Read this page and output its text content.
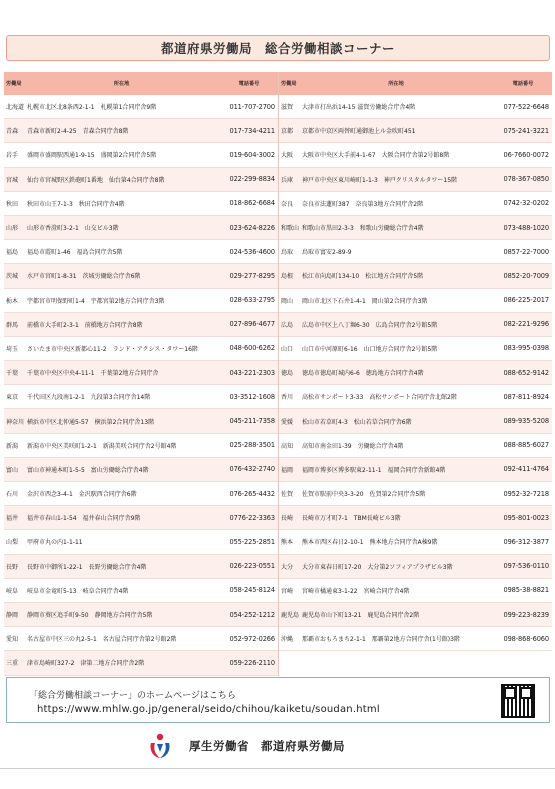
都道府県労働局　総合労働相談コーナー
労働局	所在地	電話番号
北海道 札幌市北区北8条西2-1-1　札幌第1合同庁舎9階	011-707-2700
青森	青森市新町2-4-25　青森合同庁舎8階	017-734-4211
岩手	盛岡市盛岡駅西通1-9-15　盛岡第2合同庁舎5階	019-604-3002
宮城	仙台市宮城野区鉄砲町1番地　仙台第4合同庁舎8階	022-299-8834
秋田	秋田市山王7-1-3　秋田合同庁舎4階	018-862-6684
山形	山形市香澄町3-2-1　山交ビル3階	023-624-8226
福島	福島市霞町1-46　福島合同庁舎5階	024-536-4600
茨城	水戸市宮町1-8-31　茨城労働総合庁舎6階	029-277-8295
栃木	宇都宮市明保野町1-4　宇都宮第2地方合同庁舎3階	028-633-2795
群馬	前橋市大手町2-3-1　前橋地方合同庁舎8階	027-896-4677
埼玉	さいたま市中央区新都心11-2　ランド・アクシス・タワー16階	048-600-6262
千葉	千葉市中央区中央4-11-1　千葉第2地方合同庁舎	043-221-2303
東京	千代田区九段南1-2-1　九段第3合同庁舎14階	03-3512-1608
神奈川 横浜市中区北仲通5-57　横浜第2合同庁舎13階	045-211-7358
新潟	新潟市中央区美咲町1-2-1　新潟美咲合同庁舎2号館4階	025-288-3501
富山	富山市神通本町1-5-5　富山労働総合庁舎4階	076-432-2740
石川	金沢市西念3-4-1　金沢駅西合同庁舎6階	076-265-4432
福井	福井市春山1-1-54　福井春山合同庁舎9階	0776-22-3363
山梨	甲府市丸の内1-1-11	055-225-2851
長野	長野市中御所1-22-1　長野労働総合庁舎4階	026-223-0551
岐阜	岐阜市金竜町5-13　岐阜合同庁舎4階	058-245-8124
静岡	静岡市葵区追手町9-50　静岡地方合同庁舎5階	054-252-1212
愛知	名古屋市中区三の丸2-5-1　名古屋合同庁舎第2号館2階	052-972-0266
三重	津市島崎町327-2　津第二地方合同庁舎2階	059-226-2110
労働局	所在地	電話番号
滋賀	大津市打出浜14-15 滋賀労働総合庁舎4階	077-522-6648
京都	京都市中京区両替町通御池上ル金吹町451	075-241-3221
大阪	大阪市中央区大手前4-1-67　大阪合同庁舎第2号館8階	06-7660-0072
兵庫	神戸市中央区東川崎町1-1-3　神戸クリスタルタワー15階	078-367-0850
奈良	奈良市法蓮町387　奈良第3地方合同庁舎2階	0742-32-0202
和歌山 和歌山市黒田2-3-3　和歌山労働総合庁舎4階	073-488-1020
鳥取	鳥取市富安2-89-9	0857-22-7000
島根	松江市向島町134-10　松江地方合同庁舎5階	0852-20-7009
岡山	岡山市北区下石井1-4-1　岡山第2合同庁舎3階	086-225-2017
広島	広島市中区上八丁堀6-30　広島合同庁舎2号館5階	082-221-9296
山口	山口市中河原町6-16　山口地方合同庁舎2号館5階	083-995-0398
徳島	徳島市徳島町城内6-6　徳島地方合同庁舎4階	088-652-9142
香川	高松市サンポート3-33　高松サンポート合同庁舎北館2階	087-811-8924
愛媛	松山市若草町4-3　松山若草合同庁舎6階	089-935-5208
高知	高知市南金田1-39　労働総合庁舎4階	088-885-6027
福岡	福岡市博多区博多駅東2-11-1　福岡合同庁舎新館4階	092-411-4764
佐賀	佐賀市駅前中央3-3-20　佐賀第2合同庁舎5階	0952-32-7218
長崎	長崎市万才町7-1　TBM長崎ビル3階	095-801-0023
熊本	熊本市西区春日2-10-1　熊本地方合同庁舎A棟9階	096-312-3877
大分	大分市東春日町17-20　大分第2ソフィアプラザビル3階	097-536-0110
宮崎	宮崎市橘通東3-1-22　宮崎合同庁舎4階	0985-38-8821
鹿児島 鹿児島市山下町13-21　鹿児島合同庁舎2階	099-223-8239
沖縄	那覇市おもろまち2-1-1　那覇第2地方合同庁舎(1号館)3階	098-868-6060
「総合労働相談コーナー」のホームページはこちら
https://www.mhlw.go.jp/general/seido/chihou/kaiketu/soudan.html
厚生労働省　都道府県労働局
